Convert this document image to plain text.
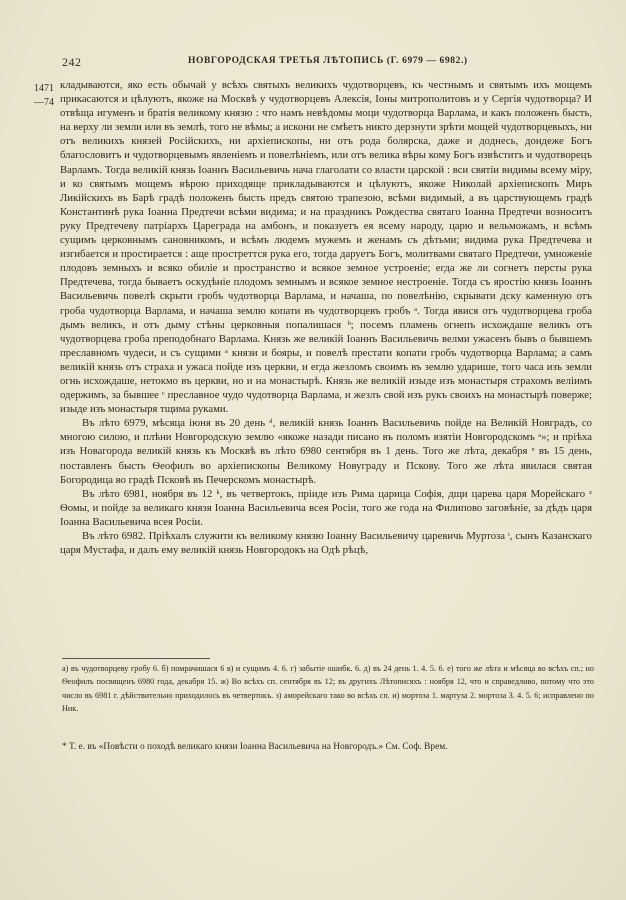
242	НОВГОРОДСКАЯ ТРЕТЬЯ ЛѢТОПИСЬ (Г. 6979 — 6982.)
1471
—74

кладываются, яко есть обычай у всѣхъ святыхъ великихъ чудотворцевъ, къ честнымъ и святымъ ихъ мощемъ прикасаются и цѣлуютъ, якоже на Москвѣ у чудотворцевъ Алексія, Іоны митрополитовъ и у Сергія чудотворца? И отвѣща игуменъ и братія великому князю : что намъ невѣдомы моци чудотворца Варлама, и какъ положенъ бысть, на верху ли земли или въ землѣ, того не вѣмы; а искони не смѣетъ никто дерзнути зрѣти мощей чудотворцевыхъ, ни отъ великихъ князей Російскихъ, ни архіепископы, ни отъ рода болярска, даже и доднесь, дондеже Богъ благословитъ и чудотворцевымъ явленіемъ и повелѣніемъ, или отъ велика вѣры кому Богъ извѣститъ и чудотворецъ Варламъ. Тогда великій князь Іоаннъ Васильевичь нача глаголати со власти царской : вси святіи видимы всему міру, и ко святымъ мощемъ вѣрою приходяще прикладываются и цѣлуютъ, якоже Николай архіепископъ Миръ Ликійскихъ въ Барѣ градѣ положенъ бысть предъ святою трапезою, всѣми видимый, а въ царствующемъ градѣ Константинѣ рука Іоанна Предтечи всѣми видима; и на праздникъ Рождества святаго Іоанна Предтечи возноситъ руку Предтечеву патріархъ Цареграда на амбонъ, и показуетъ ея всему народу, царю и вельможамъ, и всѣмъ сущимъ церковнымъ сановникомъ, и всѣмъ людемъ мужемъ и женамъ съ дѣтьми; видима рука Предтечева и изгибается и простирается : аще простреттся рука его, тогда даруетъ Богъ, молитвами святаго Предтечи, умноженіе плодовъ земныхъ и всяко обиліе и пространство и всякое земное устроеніе; егда же ли согнетъ персты рука Предтечева, тогда бываетъ оскудѣніе плодомъ земнымъ и всякое земное нестроеніе. Тогда съ яростію князь Іоаннъ Васильевичь повелѣ скрыти гробъ чудотворца Варлама, и начаша, по повелѣнію, скрывати дску каменную отъ гроба чудотворца Варлама, и начаша землю копати въ чудотворцевъ гробъ ᵃ. Тогда явися отъ чудотворцева гроба дымъ великъ, и отъ дыму стѣны церковныя попалишася ᵇ; посемъ пламень огнепъ исхождаше великъ отъ чудотворцева гроба преподобнаго Варлама. Князь же великій Іоаннъ Васильевичь велми ужасенъ бывъ о бывшемъ преславномъ чудеси, и съ сущими ᵃ князи и бояры, и повелѣ престати копати гробъ чудотворца Варлама; а самъ великій князь отъ страха и ужаса пойде изъ церкви, и егда жезломъ своимъ въ землю ударише, того часа изъ земли огнь исхождаше, нетокмо въ церкви, но и на монастырѣ. Князь же великій изыде изъ монастыря страхомъ велiимъ одержимъ, за бывшее ᶜ преславное чудо чудотворца Варлама, и жезлъ свой изъ рукъ своихъ на монастырѣ поверже; изыде изъ монастыря тщима руками.

Въ лѣто 6979, мѣсяца іюня въ 20 день ᵈ, великій князь Іоаннъ Васильевичь пойде на Великій Новградъ, со многою силою, и плѣни Новгородскую землю «якоже назади писано въ поломъ взятіи Новгородскомъ ᵃ»; и пріѣха изъ Новагорода великій князь къ Москвѣ въ лѣто 6980 сентября въ 1 день. Того же лѣта, декабря ᵉ въ 15 день, поставленъ бысть Ѳеофилъ во архіепископы Великому Новуграду и Пскову. Того же лѣта явилася святая Богородица во градѣ Псковѣ въ Печерскомъ монастырѣ.

Въ лѣто 6981, ноября въ 12 ᵏ, въ четвертокъ, пріиде изъ Рима царица Софія, дщи царева царя Морейскаго ᶻ Ѳомы, и пойде за великаго князя Іоанна Васильевича всея Росіи, того же года на Филипово заговѣніе, за дѣдъ царя Іоанна Васильевича всея Росіи.

Въ лѣто 6982. Пріѣхалъ служити къ великому князю Іоанну Васильевичу царевичь Муртоза ᶦ, сынъ Казанскаго царя Мустафа, и далъ ему великій князь Новгородокъ на Одѣ рѣцѣ,

а) въ чудотворцеву гробу 6. б) помрачишася 6 в) и сущимъ 4. 6. г) забытіе ошибк. 6. д) въ 24 день 1. 4. 5. 6. е) того же лѣта и мѣсяца во всѣхъ сп.; но Ѳеофилъ посвященъ 6980 года, декабря 15. ж) Во всѣхъ сп. сентября въ 12; въ другихъ Лѣтописяхъ : ноября 12, что и справедливо, потому что это число въ 6981 г. дѣйствительно приходилось въ четвертокъ. з) аморейскаго тако во всѣхъ сп. и) мортоза 1. мартуза 2. мортоза 3. 4. 5. 6; исправлено по Ник.

* Т. е. въ «Повѣсти о походѣ великаго князи Іоанна Васильевича на Новгородъ.» См. Соф. Врем.
